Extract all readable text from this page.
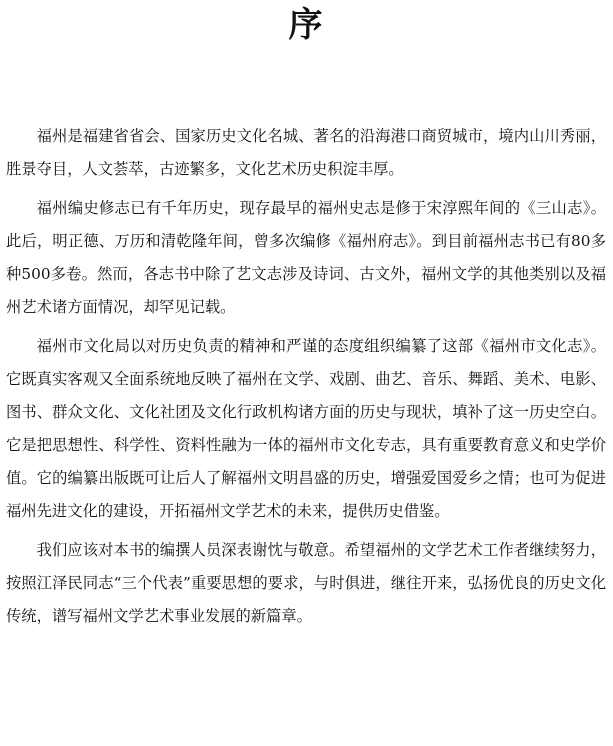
序

福州是福建省省会、国家历史文化名城、著名的沿海港口商贸城市，境内山川秀丽，胜景夺目，人文荟萃，古迹繁多，文化艺术历史积淀丰厚。

福州编史修志已有千年历史，现存最早的福州史志是修于宋淳熙年间的《三山志》。此后，明正德、万历和清乾隆年间，曾多次编修《福州府志》。到目前福州志书已有80多种500多卷。然而，各志书中除了艺文志涉及诗词、古文外，福州文学的其他类别以及福州艺术诸方面情况，却罕见记载。

福州市文化局以对历史负责的精神和严谨的态度组织编纂了这部《福州市文化志》。它既真实客观又全面系统地反映了福州在文学、戏剧、曲艺、音乐、舞蹈、美术、电影、图书、群众文化、文化社团及文化行政机构诸方面的历史与现状，填补了这一历史空白。它是把思想性、科学性、资料性融为一体的福州市文化专志，具有重要教育意义和史学价值。它的编纂出版既可让后人了解福州文明昌盛的历史，增强爱国爱乡之情；也可为促进福州先进文化的建设，开拓福州文学艺术的未来，提供历史借鉴。

我们应该对本书的编撰人员深表谢忱与敬意。希望福州的文学艺术工作者继续努力，按照江泽民同志“三个代表”重要思想的要求，与时俱进，继往开来，弘扬优良的历史文化传统，谱写福州文学艺术事业发展的新篇章。
